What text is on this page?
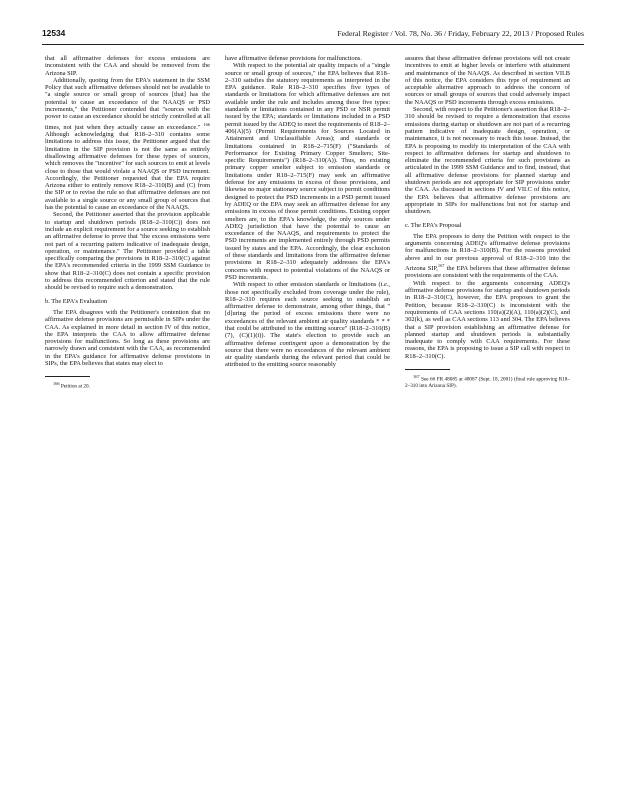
12534	Federal Register / Vol. 78, No. 36 / Friday, February 22, 2013 / Proposed Rules

that all affirmative defenses for excess emissions are inconsistent with the CAA and should be removed from the Arizona SIP.

Additionally, quoting from the EPA's statement in the SSM Policy that such affirmative defenses should not be available to "a single source or small group of sources [that] has the potential to cause an exceedance of the NAAQS or PSD increments," the Petitioner contended that "sources with the power to cause an exceedance should be strictly controlled at all times, not just when they actually cause an exceedance." $^{166}$ Although acknowledging that R18–2–310 contains some limitations to address this issue, the Petitioner argued that the limitation in the SIP provision is not the same as entirely disallowing affirmative defenses for these types of sources, which removes the "incentive" for such sources to emit at levels close to those that would violate a NAAQS or PSD increment. Accordingly, the Petitioner requested that the EPA require Arizona either to entirely remove R18–2–310(B) and (C) from the SIP or to revise the rule so that affirmative defenses are not available to a single source or any small group of sources that has the potential to cause an exceedance of the NAAQS.

Second, the Petitioner asserted that the provision applicable to startup and shutdown periods (R18–2–310(C)) does not include an explicit requirement for a source seeking to establish an affirmative defense to prove that "the excess emissions were not part of a recurring pattern indicative of inadequate design, operation, or maintenance." The Petitioner provided a table specifically comparing the provisions in R18–2–310(C) against the EPA's recommended criteria in the 1999 SSM Guidance to show that R18–2–310(C) does not contain a specific provision to address this recommended criterion and stated that the rule should be revised to require such a demonstration.

b. The EPA's Evaluation

The EPA disagrees with the Petitioner's contention that no affirmative defense provisions are permissible in SIPs under the CAA. As explained in more detail in section IV of this notice, the EPA interprets the CAA to allow affirmative defense provisions for malfunctions. So long as these provisions are narrowly drawn and consistent with the CAA, as recommended in the EPA's guidance for affirmative defense provisions in SIPs, the EPA believes that states may elect to

$^{166}$ Petition at 20.

have affirmative defense provisions for malfunctions.

With respect to the potential air quality impacts of a "single source or small group of sources," the EPA believes that R18–2–310 satisfies the statutory requirements as interpreted in the EPA guidance. Rule R18–2–310 specifies five types of standards or limitations for which affirmative defenses are not available under the rule and includes among those five types: standards or limitations contained in any PSD or NSR permit issued by the EPA; standards or limitations included in a PSD permit issued by the ADEQ to meet the requirements of R18–2–406(A)(5) (Permit Requirements for Sources Located in Attainment and Unclassifiable Areas); and standards or limitations contained in R18–2–715(F) ("Standards of Performance for Existing Primary Copper Smelters; Site-specific Requirements") (R18–2–310(A)). Thus, no existing primary copper smelter subject to emission standards or limitations under R18–2–715(F) may seek an affirmative defense for any emissions in excess of those provisions, and likewise no major stationary source subject to permit conditions designed to protect the PSD increments in a PSD permit issued by ADEQ or the EPA may seek an affirmative defense for any emissions in excess of those permit conditions. Existing copper smelters are, to the EPA's knowledge, the only sources under ADEQ jurisdiction that have the potential to cause an exceedance of the NAAQS, and requirements to protect the PSD increments are implemented entirely through PSD permits issued by states and the EPA. Accordingly, the clear exclusion of these standards and limitations from the affirmative defense provisions in R18–2–310 adequately addresses the EPA's concerns with respect to potential violations of the NAAQS or PSD increments.

With respect to other emission standards or limitations (i.e., those not specifically excluded from coverage under the rule), R18–2–310 requires each source seeking to establish an affirmative defense to demonstrate, among other things, that "[d]uring the period of excess emissions there were no exceedances of the relevant ambient air quality standards * * * that could be attributed to the emitting source" (R18–2–310(B)(7), (C)(1)(i)). The state's election to provide such an affirmative defense contingent upon a demonstration by the source that there were no exceedances of the relevant ambient air quality standards during the relevant period that could be attributed to the emitting source reasonably

assures that these affirmative defense provisions will not create incentives to emit at higher levels or interfere with attainment and maintenance of the NAAQS. As described in section VII.B of this notice, the EPA considers this type of requirement an acceptable alternative approach to address the concern of sources or small groups of sources that could adversely impact the NAAQS or PSD increments through excess emissions.

Second, with respect to the Petitioner's assertion that R18–2–310 should be revised to require a demonstration that excess emissions during startup or shutdown are not part of a recurring pattern indicative of inadequate design, operation, or maintenance, it is not necessary to reach this issue. Instead, the EPA is proposing to modify its interpretation of the CAA with respect to affirmative defenses for startup and shutdown to eliminate the recommended criteria for such provisions as articulated in the 1999 SSM Guidance and to find, instead, that all affirmative defense provisions for planned startup and shutdown periods are not appropriate for SIP provisions under the CAA. As discussed in sections IV and VII.C of this notice, the EPA believes that affirmative defense provisions are appropriate in SIPs for malfunctions but not for startup and shutdown.

c. The EPA's Proposal

The EPA proposes to deny the Petition with respect to the arguments concerning ADEQ's affirmative defense provisions for malfunctions in R18–2–310(B). For the reasons provided above and in our previous approval of R18–2–310 into the Arizona SIP,$^{167}$ the EPA believes that these affirmative defense provisions are consistent with the requirements of the CAA.

With respect to the arguments concerning ADEQ's affirmative defense provisions for startup and shutdown periods in R18–2–310(C), however, the EPA proposes to grant the Petition, because R18–2–310(C) is inconsistent with the requirements of CAA sections 110(a)(2)(A), 110(a)(2)(C), and 302(k), as well as CAA sections 113 and 304. The EPA believes that a SIP provision establishing an affirmative defense for planned startup and shutdown periods is substantially inadequate to comply with CAA requirements. For these reasons, the EPA is proposing to issue a SIP call with respect to R18–2–310(C).

$^{167}$ See 66 FR 48085 at 48087 (Sept. 18, 2001) (final rule approving R18–2–310 into Arizona SIP).
